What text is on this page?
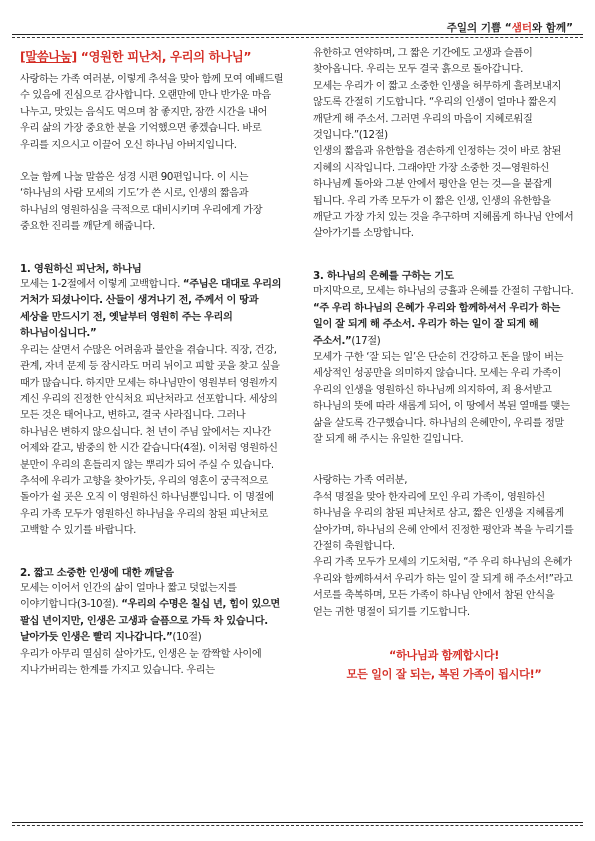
주일의 기쁨 “샘터와 함께”

[말씀나눔] “영원한 피난처, 우리의 하나님”

사랑하는 가족 여러분, 이렇게 추석을 맞아 함께 모여 예배드릴 수 있음에 진심으로 감사합니다. 오랜만에 만나 반가운 마음 나누고, 맛있는 음식도 먹으며 참 좋지만, 잠깐 시간을 내어 우리 삶의 가장 중요한 분을 기억했으면 좋겠습니다. 바로 우리를 지으시고 이끌어 오신 하나님 아버지입니다.

오늘 함께 나눌 말씀은 성경 시편 90편입니다. 이 시는 ‘하나님의 사람 모세의 기도’가 쓴 시로, 인생의 짧음과 하나님의 영원하심을 극적으로 대비시키며 우리에게 가장 중요한 진리를 깨닫게 해줍니다.

1. 영원하신 피난처, 하나님

모세는 1-2절에서 이렇게 고백합니다. “주님은 대대로 우리의 거처가 되셨나이다. 산들이 생겨나기 전, 주께서 이 땅과 세상을 만드시기 전, 옛날부터 영원히 주는 우리의 하나님이십니다.”

우리는 살면서 수많은 어려움과 불안을 겪습니다. 직장, 건강, 관계, 자녀 문제 등 잠시라도 머리 뉘이고 피할 곳을 찾고 싶을 때가 많습니다. 하지만 모세는 하나님만이 영원부터 영원까지 계신 우리의 진정한 안식처요 피난처라고 선포합니다. 세상의 모든 것은 태어나고, 변하고, 결국 사라집니다. 그러나 하나님은 변하지 않으십니다. 천 년이 주님 앞에서는 지나간 어제와 같고, 밤중의 한 시간 같습니다(4절). 이처럼 영원하신 분만이 우리의 흔들리지 않는 뿌리가 되어 주실 수 있습니다. 추석에 우리가 고향을 찾아가듯, 우리의 영혼이 궁극적으로 돌아가 쉴 곳은 오직 이 영원하신 하나님뿐입니다. 이 명절에 우리 가족 모두가 영원하신 하나님을 우리의 참된 피난처로 고백할 수 있기를 바랍니다.

2. 짧고 소중한 인생에 대한 깨달음

모세는 이어서 인간의 삶이 얼마나 짧고 덧없는지를 이야기합니다(3-10절). “우리의 수명은 칠십 년, 힘이 있으면 팔십 년이지만, 인생은 고생과 슬픔으로 가득 차 있습니다. 날아가듯 인생은 빨리 지나갑니다.”(10절)

우리가 아무리 열심히 살아가도, 인생은 눈 깜짝할 사이에 지나가버리는 한계를 가지고 있습니다. 우리는

유한하고 연약하며, 그 짧은 기간에도 고생과 슬픔이 찾아옵니다. 우리는 모두 결국 흙으로 돌아갑니다.

모세는 우리가 이 짧고 소중한 인생을 허무하게 흘려보내지 않도록 간절히 기도합니다. “우리의 인생이 얼마나 짧은지 깨닫게 해 주소서. 그러면 우리의 마음이 지혜로워질 것입니다.”(12절)

인생의 짧음과 유한함을 겸손하게 인정하는 것이 바로 참된 지혜의 시작입니다. 그래야만 가장 소중한 것—영원하신 하나님께 돌아와 그분 안에서 평안을 얻는 것—을 붙잡게 됩니다. 우리 가족 모두가 이 짧은 인생, 인생의 유한함을 깨닫고 가장 가치 있는 것을 추구하며 지혜롭게 하나님 안에서 살아가기를 소망합니다.

3. 하나님의 은혜를 구하는 기도

마지막으로, 모세는 하나님의 긍휼과 은혜를 간절히 구합니다. “주 우리 하나님의 은혜가 우리와 함께하셔서 우리가 하는 일이 잘 되게 해 주소서. 우리가 하는 일이 잘 되게 해 주소서.”(17절)

모세가 구한 ‘잘 되는 일’은 단순히 건강하고 돈을 많이 버는 세상적인 성공만을 의미하지 않습니다. 모세는 우리 가족이 우리의 인생을 영원하신 하나님께 의지하여, 죄 용서받고 하나님의 뜻에 따라 새롭게 되어, 이 땅에서 복된 열매를 맺는 삶을 살도록 간구했습니다. 하나님의 은혜만이, 우리를 정말 잘 되게 해 주시는 유일한 길입니다.

사랑하는 가족 여러분,

추석 명절을 맞아 한자리에 모인 우리 가족이, 영원하신 하나님을 우리의 참된 피난처로 삼고, 짧은 인생을 지혜롭게 살아가며, 하나님의 은혜 안에서 진정한 평안과 복을 누리기를 간절히 축원합니다.

우리 가족 모두가 모세의 기도처럼, “주 우리 하나님의 은혜가 우리와 함께하셔서 우리가 하는 일이 잘 되게 해 주소서!”라고 서로를 축복하며, 모든 가족이 하나님 안에서 참된 안식을 얻는 귀한 명절이 되기를 기도합니다.

“하나님과 함께합시다!

모든 일이 잘 되는, 복된 가족이 됩시다!”
